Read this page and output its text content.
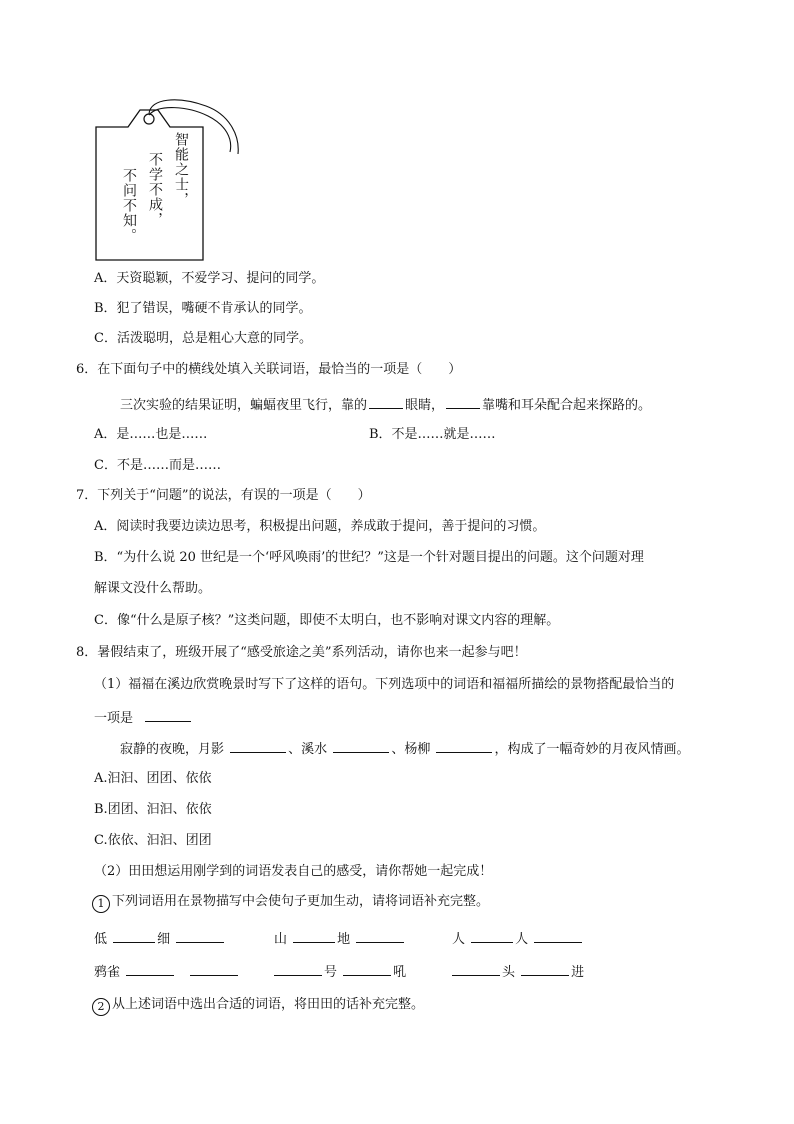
智能之士，
不学不成，
不问不知。
A．天资聪颖，不爱学习、提问的同学。
B．犯了错误，嘴硬不肯承认的同学。
C．活泼聪明，总是粗心大意的同学。
6．在下面句子中的横线处填入关联词语，最恰当的一项是（　　）
三次实验的结果证明，蝙蝠夜里飞行，靠的	眼睛，	靠嘴和耳朵配合起来探路的。
A．是……也是……	B．不是……就是……
C．不是……而是……
7．下列关于“问题”的说法，有误的一项是（　　）
A．阅读时我要边读边思考，积极提出问题，养成敢于提问，善于提问的习惯。
B．“为什么说 20 世纪是一个‘呼风唤雨’的世纪？”这是一个针对题目提出的问题。这个问题对理
解课文没什么帮助。
C．像“什么是原子核？”这类问题，即使不太明白，也不影响对课文内容的理解。
8．暑假结束了，班级开展了“感受旅途之美”系列活动，请你也来一起参与吧！
（1）福福在溪边欣赏晚景时写下了这样的语句。下列选项中的词语和福福所描绘的景物搭配最恰当的
一项是
寂静的夜晚，月影	、溪水	、杨柳	，构成了一幅奇妙的月夜风情画。
A.汩汩、团团、依依
B.团团、汩汩、依依
C.依依、汩汩、团团
（2）田田想运用刚学到的词语发表自己的感受，请你帮她一起完成！
1 下列词语用在景物描写中会使句子更加生动，请将词语补充完整。
低	细	山	地	人	人
鸦雀	号	吼	头	进
2 从上述词语中选出合适的词语，将田田的话补充完整。
